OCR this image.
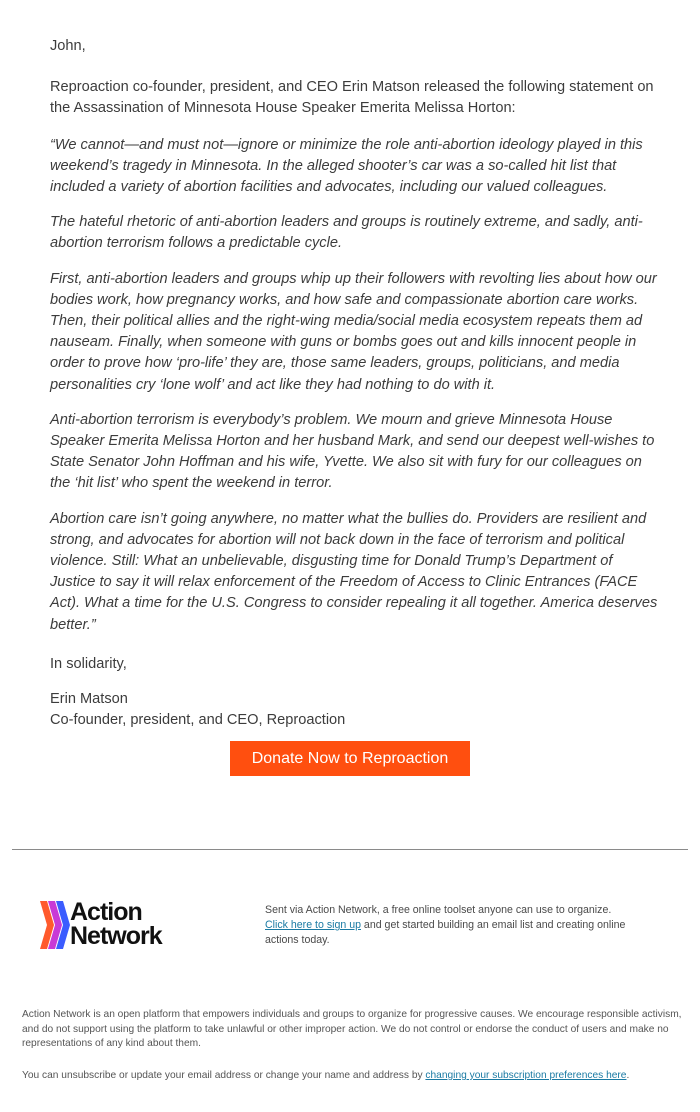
John,

Reproaction co-founder, president, and CEO Erin Matson released the following statement on the Assassination of Minnesota House Speaker Emerita Melissa Horton:

“We cannot—and must not—ignore or minimize the role anti-abortion ideology played in this weekend’s tragedy in Minnesota. In the alleged shooter’s car was a so-called hit list that included a variety of abortion facilities and advocates, including our valued colleagues.

The hateful rhetoric of anti-abortion leaders and groups is routinely extreme, and sadly, anti-abortion terrorism follows a predictable cycle.

First, anti-abortion leaders and groups whip up their followers with revolting lies about how our bodies work, how pregnancy works, and how safe and compassionate abortion care works. Then, their political allies and the right-wing media/social media ecosystem repeats them ad nauseam. Finally, when someone with guns or bombs goes out and kills innocent people in order to prove how ‘pro-life’ they are, those same leaders, groups, politicians, and media personalities cry ‘lone wolf’ and act like they had nothing to do with it.

Anti-abortion terrorism is everybody’s problem. We mourn and grieve Minnesota House Speaker Emerita Melissa Horton and her husband Mark, and send our deepest well-wishes to State Senator John Hoffman and his wife, Yvette. We also sit with fury for our colleagues on the ‘hit list’ who spent the weekend in terror.

Abortion care isn’t going anywhere, no matter what the bullies do. Providers are resilient and strong, and advocates for abortion will not back down in the face of terrorism and political violence. Still: What an unbelievable, disgusting time for Donald Trump’s Department of Justice to say it will relax enforcement of the Freedom of Access to Clinic Entrances (FACE Act). What a time for the U.S. Congress to consider repealing it all together. America deserves better.”

In solidarity,

Erin Matson

Co-founder, president, and CEO, Reproaction

Donate Now to Reproaction
Action
Network
Sent via Action Network, a free online toolset anyone can use to organize.
Click here to sign up and get started building an email list and creating online actions today.

Action Network is an open platform that empowers individuals and groups to organize for progressive causes. We encourage responsible activism, and do not support using the platform to take unlawful or other improper action. We do not control or endorse the conduct of users and make no representations of any kind about them.

You can unsubscribe or update your email address or change your name and address by changing your subscription preferences here.
